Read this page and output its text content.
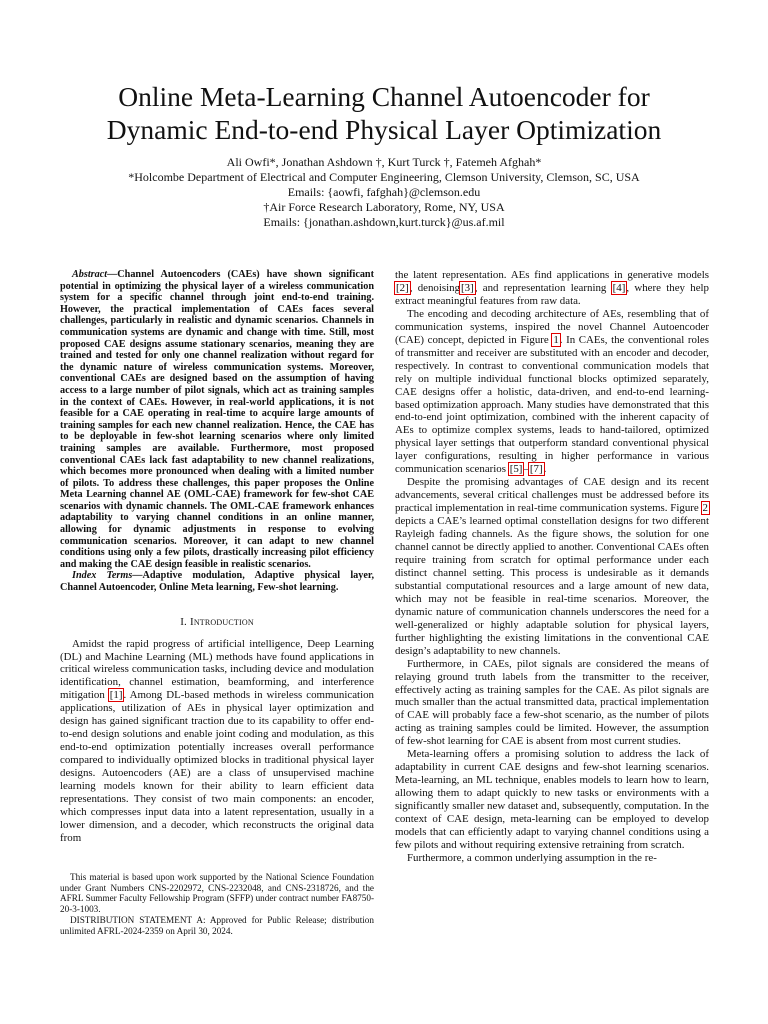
Online Meta-Learning Channel Autoencoder for
Dynamic End-to-end Physical Layer Optimization
Ali Owfi*, Jonathan Ashdown †, Kurt Turck †, Fatemeh Afghah*
*Holcombe Department of Electrical and Computer Engineering, Clemson University, Clemson, SC, USA
Emails: {aowfi, fafghah}@clemson.edu
†Air Force Research Laboratory, Rome, NY, USA
Emails: {jonathan.ashdown,kurt.turck}@us.af.mil

Abstract—Channel Autoencoders (CAEs) have shown significant potential in optimizing the physical layer of a wireless communication system for a specific channel through joint end-to-end training. However, the practical implementation of CAEs faces several challenges, particularly in realistic and dynamic scenarios. Channels in communication systems are dynamic and change with time. Still, most proposed CAE designs assume stationary scenarios, meaning they are trained and tested for only one channel realization without regard for the dynamic nature of wireless communication systems. Moreover, conventional CAEs are designed based on the assumption of having access to a large number of pilot signals, which act as training samples in the context of CAEs. However, in real-world applications, it is not feasible for a CAE operating in real-time to acquire large amounts of training samples for each new channel realization. Hence, the CAE has to be deployable in few-shot learning scenarios where only limited training samples are available. Furthermore, most proposed conventional CAEs lack fast adaptability to new channel realizations, which becomes more pronounced when dealing with a limited number of pilots. To address these challenges, this paper proposes the Online Meta Learning channel AE (OML-CAE) framework for few-shot CAE scenarios with dynamic channels. The OML-CAE framework enhances adaptability to varying channel conditions in an online manner, allowing for dynamic adjustments in response to evolving communication scenarios. Moreover, it can adapt to new channel conditions using only a few pilots, drastically increasing pilot efficiency and making the CAE design feasible in realistic scenarios.

Index Terms—Adaptive modulation, Adaptive physical layer, Channel Autoencoder, Online Meta learning, Few-shot learning.

I. Introduction

Amidst the rapid progress of artificial intelligence, Deep Learning (DL) and Machine Learning (ML) methods have found applications in critical wireless communication tasks, including device and modulation identification, channel estimation, beamforming, and interference mitigation [1]. Among DL-based methods in wireless communication applications, utilization of AEs in physical layer optimization and design has gained significant traction due to its capability to offer end-to-end design solutions and enable joint coding and modulation, as this end-to-end optimization potentially increases overall performance compared to individually optimized blocks in traditional physical layer designs. Autoencoders (AE) are a class of unsupervised machine learning models known for their ability to learn efficient data representations. They consist of two main components: an encoder, which compresses input data into a latent representation, usually in a lower dimension, and a decoder, which reconstructs the original data from

This material is based upon work supported by the National Science Foundation under Grant Numbers CNS-2202972, CNS-2232048, and CNS-2318726, and the AFRL Summer Faculty Fellowship Program (SFFP) under contract number FA8750-20-3-1003.

DISTRIBUTION STATEMENT A: Approved for Public Release; distribution unlimited AFRL-2024-2359 on April 30, 2024.

the latent representation. AEs find applications in generative models [2], denoising[3], and representation learning [4], where they help extract meaningful features from raw data.

The encoding and decoding architecture of AEs, resembling that of communication systems, inspired the novel Channel Autoencoder (CAE) concept, depicted in Figure 1. In CAEs, the conventional roles of transmitter and receiver are substituted with an encoder and decoder, respectively. In contrast to conventional communication models that rely on multiple individual functional blocks optimized separately, CAE designs offer a holistic, data-driven, and end-to-end learning-based optimization approach. Many studies have demonstrated that this end-to-end joint optimization, combined with the inherent capacity of AEs to optimize complex systems, leads to hand-tailored, optimized physical layer settings that outperform standard conventional physical layer configurations, resulting in higher performance in various communication scenarios [5]–[7].

Despite the promising advantages of CAE design and its recent advancements, several critical challenges must be addressed before its practical implementation in real-time communication systems. Figure 2 depicts a CAE’s learned optimal constellation designs for two different Rayleigh fading channels. As the figure shows, the solution for one channel cannot be directly applied to another. Conventional CAEs often require training from scratch for optimal performance under each distinct channel setting. This process is undesirable as it demands substantial computational resources and a large amount of new data, which may not be feasible in real-time scenarios. Moreover, the dynamic nature of communication channels underscores the need for a well-generalized or highly adaptable solution for physical layers, further highlighting the existing limitations in the conventional CAE design’s adaptability to new channels.

Furthermore, in CAEs, pilot signals are considered the means of relaying ground truth labels from the transmitter to the receiver, effectively acting as training samples for the CAE. As pilot signals are much smaller than the actual transmitted data, practical implementation of CAE will probably face a few-shot scenario, as the number of pilots acting as training samples could be limited. However, the assumption of few-shot learning for CAE is absent from most current studies.

Meta-learning offers a promising solution to address the lack of adaptability in current CAE designs and few-shot learning scenarios. Meta-learning, an ML technique, enables models to learn how to learn, allowing them to adapt quickly to new tasks or environments with a significantly smaller new dataset and, subsequently, computation. In the context of CAE design, meta-learning can be employed to develop models that can efficiently adapt to varying channel conditions using a few pilots and without requiring extensive retraining from scratch.

Furthermore, a common underlying assumption in the re-
